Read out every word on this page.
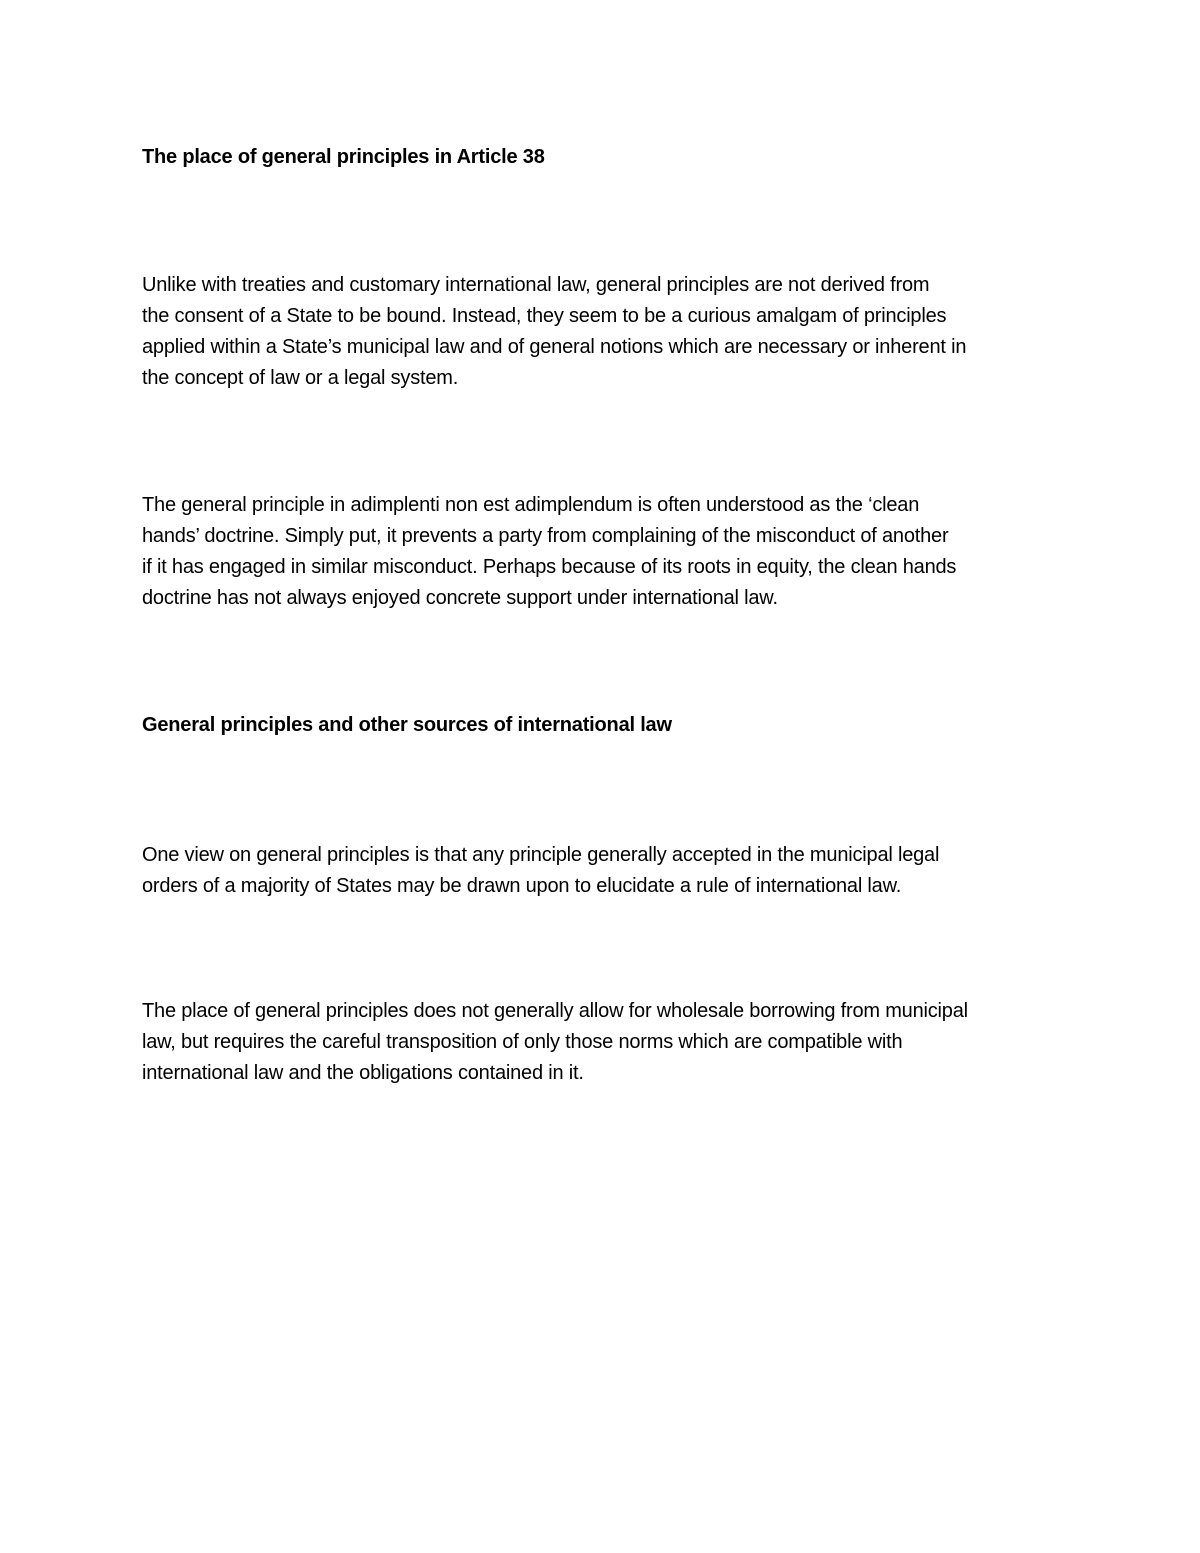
The place of general principles in Article 38

Unlike with treaties and customary international law, general principles are not derived from
the consent of a State to be bound. Instead, they seem to be a curious amalgam of principles
applied within a State’s municipal law and of general notions which are necessary or inherent in
the concept of law or a legal system.

The general principle in adimplenti non est adimplendum is often understood as the ‘clean
hands’ doctrine. Simply put, it prevents a party from complaining of the misconduct of another
if it has engaged in similar misconduct. Perhaps because of its roots in equity, the clean hands
doctrine has not always enjoyed concrete support under international law.

General principles and other sources of international law

One view on general principles is that any principle generally accepted in the municipal legal
orders of a majority of States may be drawn upon to elucidate a rule of international law.

The place of general principles does not generally allow for wholesale borrowing from municipal
law, but requires the careful transposition of only those norms which are compatible with
international law and the obligations contained in it.
